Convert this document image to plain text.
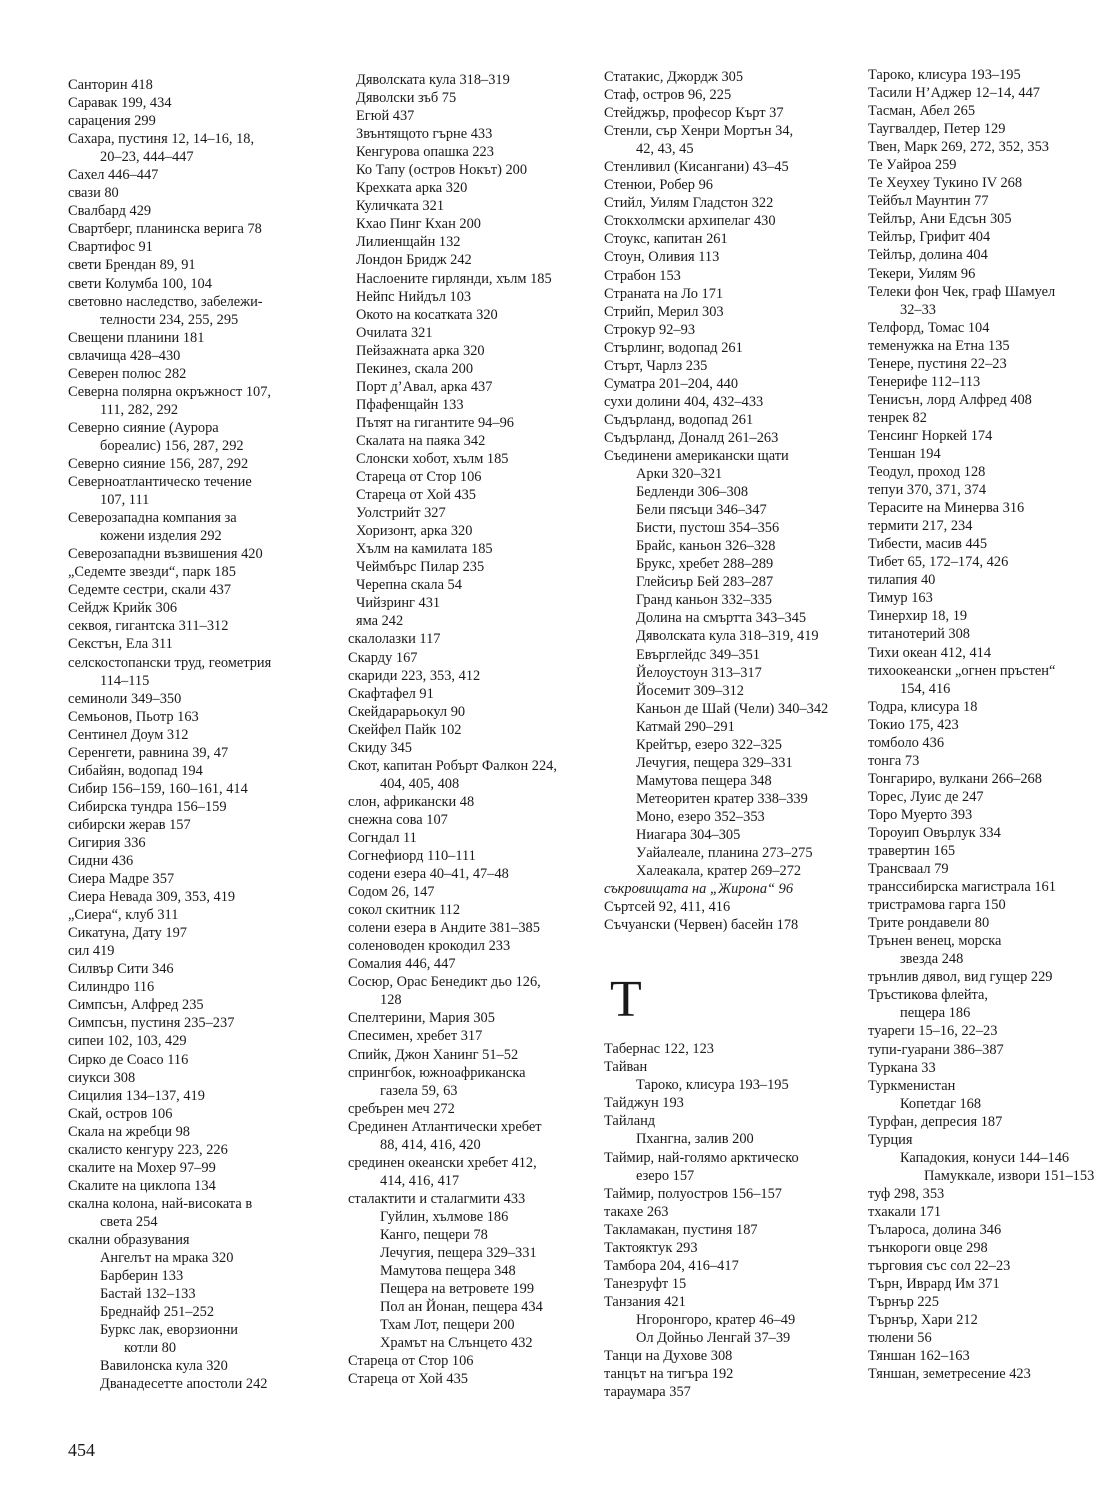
Санторин 418
Саравак 199, 434
сарацения 299
Сахара, пустиня 12, 14–16, 18,
20–23, 444–447
Сахел 446–447
свази 80
Свалбард 429
Свартберг, планинска верига 78
Свартифос 91
свети Брендан 89, 91
свети Колумба 100, 104
световно наследство, забележи-
телности 234, 255, 295
Свещени планини 181
свлачища 428–430
Северен полюс 282
Северна полярна окръжност 107,
111, 282, 292
Северно сияние (Аурора
бореалис) 156, 287, 292
Северно сияние 156, 287, 292
Северноатлантическо течение
107, 111
Северозападна компания за
кожени изделия 292
Северозападни възвишения 420
„Седемте звезди“, парк 185
Седемте сестри, скали 437
Сейдж Крийк 306
секвоя, гигантска 311–312
Секстън, Ела 311
селскостопански труд, геометрия
114–115
семиноли 349–350
Семьонов, Пьотр 163
Сентинел Доум 312
Серенгети, равнина 39, 47
Сибайян, водопад 194
Сибир 156–159, 160–161, 414
Сибирска тундра 156–159
сибирски жерав 157
Сигирия 336
Сидни 436
Сиера Мадре 357
Сиера Невада 309, 353, 419
„Сиера“, клуб 311
Сикатуна, Дату 197
сил 419
Силвър Сити 346
Силиндро 116
Симпсън, Алфред 235
Симпсън, пустиня 235–237
сипеи 102, 103, 429
Сирко де Соасо 116
сиукси 308
Сицилия 134–137, 419
Скай, остров 106
Скала на жребци 98
скалисто кенгуру 223, 226
скалите на Мохер 97–99
Скалите на циклопа 134
скална колона, най-високата в
света 254
скални образувания
Ангелът на мрака 320
Барберин 133
Бастай 132–133
Бреднайф 251–252
Буркс лак, еворзионни
котли 80
Вавилонска кула 320
Дванадесетте апостоли 242
Дяволската кула 318–319
Дяволски зъб 75
Егюй 437
Звънтящото гърне 433
Кенгурова опашка 223
Ко Тапу (остров Нокът) 200
Крехката арка 320
Куличката 321
Кхао Пинг Кхан 200
Лилиенщайн 132
Лондон Бридж 242
Наслоените гирлянди, хълм 185
Нейпс Нийдъл 103
Окото на косатката 320
Очилата 321
Пейзажната арка 320
Пекинез, скала 200
Порт д’Авал, арка 437
Пфафенщайн 133
Пътят на гигантите 94–96
Скалата на паяка 342
Слонски хобот, хълм 185
Стареца от Стор 106
Стареца от Хой 435
Уолстрийт 327
Хоризонт, арка 320
Хълм на камилата 185
Чеймбърс Пилар 235
Черепна скала 54
Чийзринг 431
яма 242
скалолазки 117
Скарду 167
скариди 223, 353, 412
Скафтафел 91
Скейдарарьокул 90
Скейфел Пайк 102
Скиду 345
Скот, капитан Робърт Фалкон 224,
404, 405, 408
слон, африкански 48
снежна сова 107
Согндал 11
Согнефиорд 110–111
содени езера 40–41, 47–48
Содом 26, 147
сокол скитник 112
солени езера в Андите 381–385
соленоводен крокодил 233
Сомалия 446, 447
Сосюр, Орас Бенедикт дьо 126,
128
Спелтерини, Мария 305
Спесимен, хребет 317
Спийк, Джон Ханинг 51–52
спрингбок, южноафриканска
газела 59, 63
сребърен меч 272
Срединен Атлантически хребет
88, 414, 416, 420
срединен океански хребет 412,
414, 416, 417
сталактити и сталагмити 433
Гуйлин, хълмове 186
Канго, пещери 78
Лечугия, пещера 329–331
Мамутова пещера 348
Пещера на ветровете 199
Пол ан Йонан, пещера 434
Тхам Лот, пещери 200
Храмът на Слънцето 432
Стареца от Стор 106
Стареца от Хой 435
Статакис, Джордж 305
Стаф, остров 96, 225
Стейджър, професор Кърт 37
Стенли, сър Хенри Мортън 34,
42, 43, 45
Стенливил (Кисангани) 43–45
Стенюи, Робер 96
Стийл, Уилям Гладстон 322
Стокхолмски архипелаг 430
Стоукс, капитан 261
Стоун, Оливия 113
Страбон 153
Страната на Ло 171
Стрийп, Мерил 303
Строкур 92–93
Стърлинг, водопад 261
Стърт, Чарлз 235
Суматра 201–204, 440
сухи долини 404, 432–433
Съдърланд, водопад 261
Съдърланд, Доналд 261–263
Съединени американски щати
Арки 320–321
Бедленди 306–308
Бели пясъци 346–347
Бисти, пустош 354–356
Брайс, каньон 326–328
Брукс, хребет 288–289
Глейсиър Бей 283–287
Гранд каньон 332–335
Долина на смъртта 343–345
Дяволската кула 318–319, 419
Евърглейдс 349–351
Йелоустоун 313–317
Йосемит 309–312
Каньон де Шай (Чели) 340–342
Катмай 290–291
Крейтър, езеро 322–325
Лечугия, пещера 329–331
Мамутова пещера 348
Метеоритен кратер 338–339
Моно, езеро 352–353
Ниагара 304–305
Уайалеале, планина 273–275
Халеакала, кратер 269–272
съкровищата на „Жирона“ 96
Съртсей 92, 411, 416
Съчуански (Червен) басейн 178
Т
Табернас 122, 123
Тайван
Тароко, клисура 193–195
Тайджун 193
Тайланд
Пхангна, залив 200
Таймир, най-голямо арктическо
езеро 157
Таймир, полуостров 156–157
такахе 263
Такламакан, пустиня 187
Тактояктук 293
Тамбора 204, 416–417
Танезруфт 15
Танзания 421
Нгоронгоро, кратер 46–49
Ол Дойньо Ленгай 37–39
Танци на Духове 308
танцът на тигъра 192
тараумара 357
Тароко, клисура 193–195
Тасили Н’Аджер 12–14, 447
Тасман, Абел 265
Таугвалдер, Петер 129
Твен, Марк 269, 272, 352, 353
Те Уайроа 259
Те Хеухеу Тукино IV 268
Тейбъл Маунтин 77
Тейлър, Ани Едсън 305
Тейлър, Грифит 404
Тейлър, долина 404
Текери, Уилям 96
Телеки фон Чек, граф Шамуел
32–33
Телфорд, Томас 104
теменужка на Етна 135
Тенере, пустиня 22–23
Тенерифе 112–113
Тенисън, лорд Алфред 408
тенрек 82
Тенсинг Норкей 174
Теншан 194
Теодул, проход 128
тепуи 370, 371, 374
Терасите на Минерва 316
термити 217, 234
Тибести, масив 445
Тибет 65, 172–174, 426
тилапия 40
Тимур 163
Тинерхир 18, 19
титанотерий 308
Тихи океан 412, 414
тихоокеански „огнен пръстен“
154, 416
Тодра, клисура 18
Токио 175, 423
томболо 436
тонга 73
Тонгариро, вулкани 266–268
Торес, Луис де 247
Торо Муерто 393
Тороуип Овърлук 334
травертин 165
Трансваал 79
транссибирска магистрала 161
тристрамова гарга 150
Трите рондавели 80
Трънен венец, морска
звезда 248
трънлив дявол, вид гущер 229
Тръстикова флейта,
пещера 186
туареги 15–16, 22–23
тупи-гуарани 386–387
Туркана 33
Туркменистан
Копетдаг 168
Турфан, депресия 187
Турция
Кападокия, конуси 144–146
Памуккале, извори 151–153
туф 298, 353
тхакали 171
Тълароса, долина 346
тънкороги овце 298
търговия със сол 22–23
Търн, Иврард Им 371
Търнър 225
Търнър, Хари 212
тюлени 56
Тяншан 162–163
Тяншан, земетресение 423
454
